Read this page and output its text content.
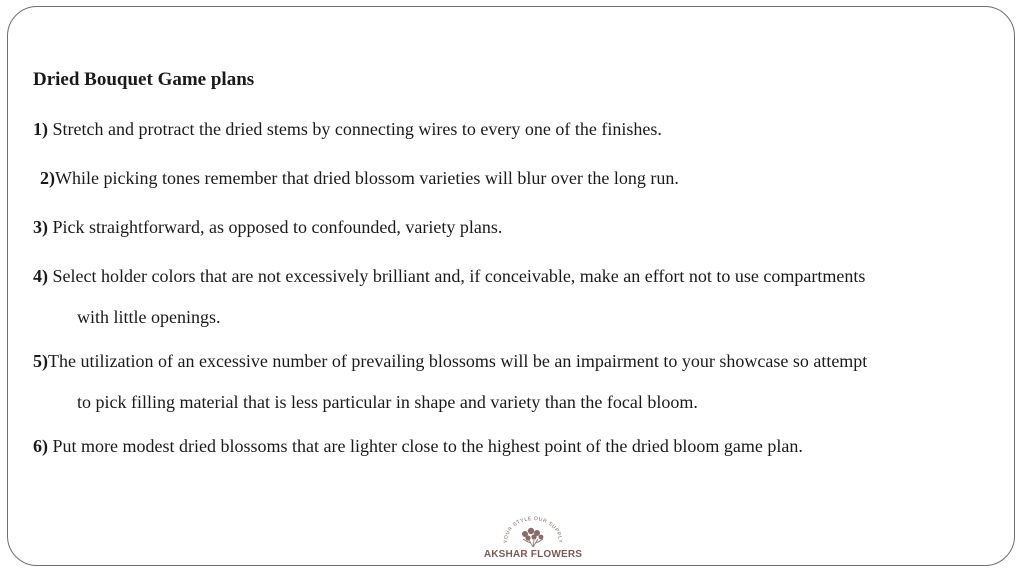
Dried Bouquet Game plans
1) Stretch and protract the dried stems by connecting wires to every one of the finishes.
2)While picking tones remember that dried blossom varieties will blur over the long run.
3) Pick straightforward, as opposed to confounded, variety plans.
4) Select holder colors that are not excessively brilliant and, if conceivable, make an effort not to use compartments
with little openings.
5)The utilization of an excessive number of prevailing blossoms will be an impairment to your showcase so attempt
to pick filling material that is less particular in shape and variety than the focal bloom.
6) Put more modest dried blossoms that are lighter close to the highest point of the dried bloom game plan.
YOUR STYLE OUR SUPPLY
AKSHAR FLOWERS
